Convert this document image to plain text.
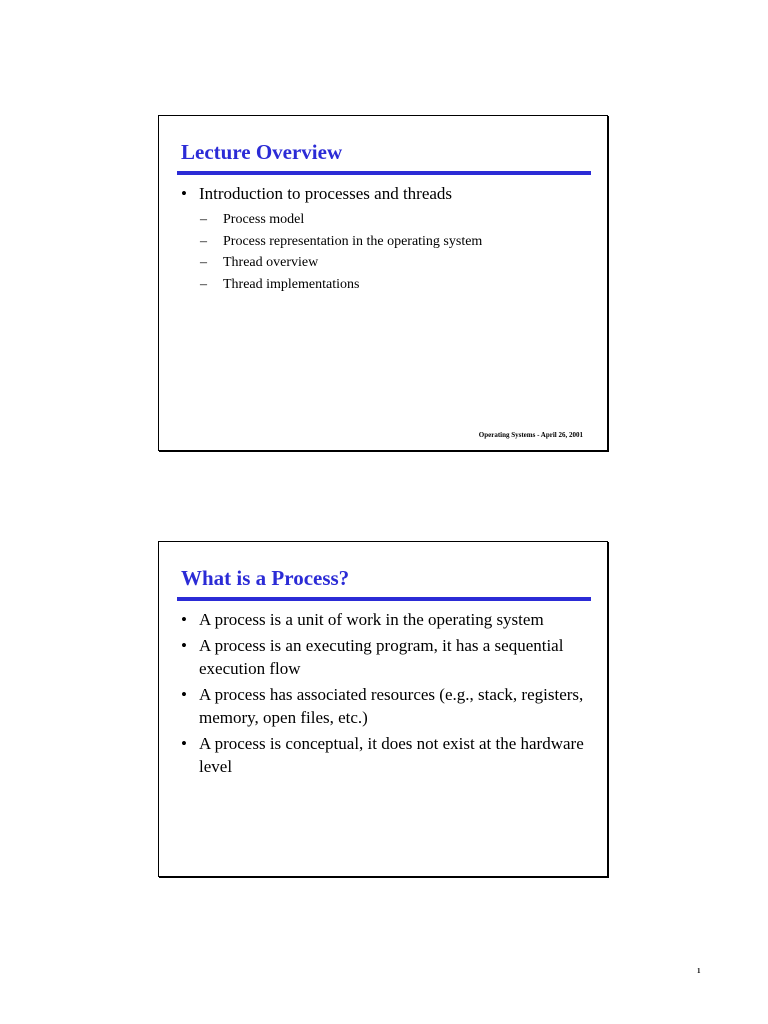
Lecture Overview
• Introduction to processes and threads
– Process model
– Process representation in the operating system
– Thread overview
– Thread implementations
Operating Systems - April 26, 2001
What is a Process?
• A process is a unit of work in the operating system
• A process is an executing program, it has a sequential execution flow
• A process has associated resources (e.g., stack, registers, memory, open files, etc.)
• A process is conceptual, it does not exist at the hardware level
1
